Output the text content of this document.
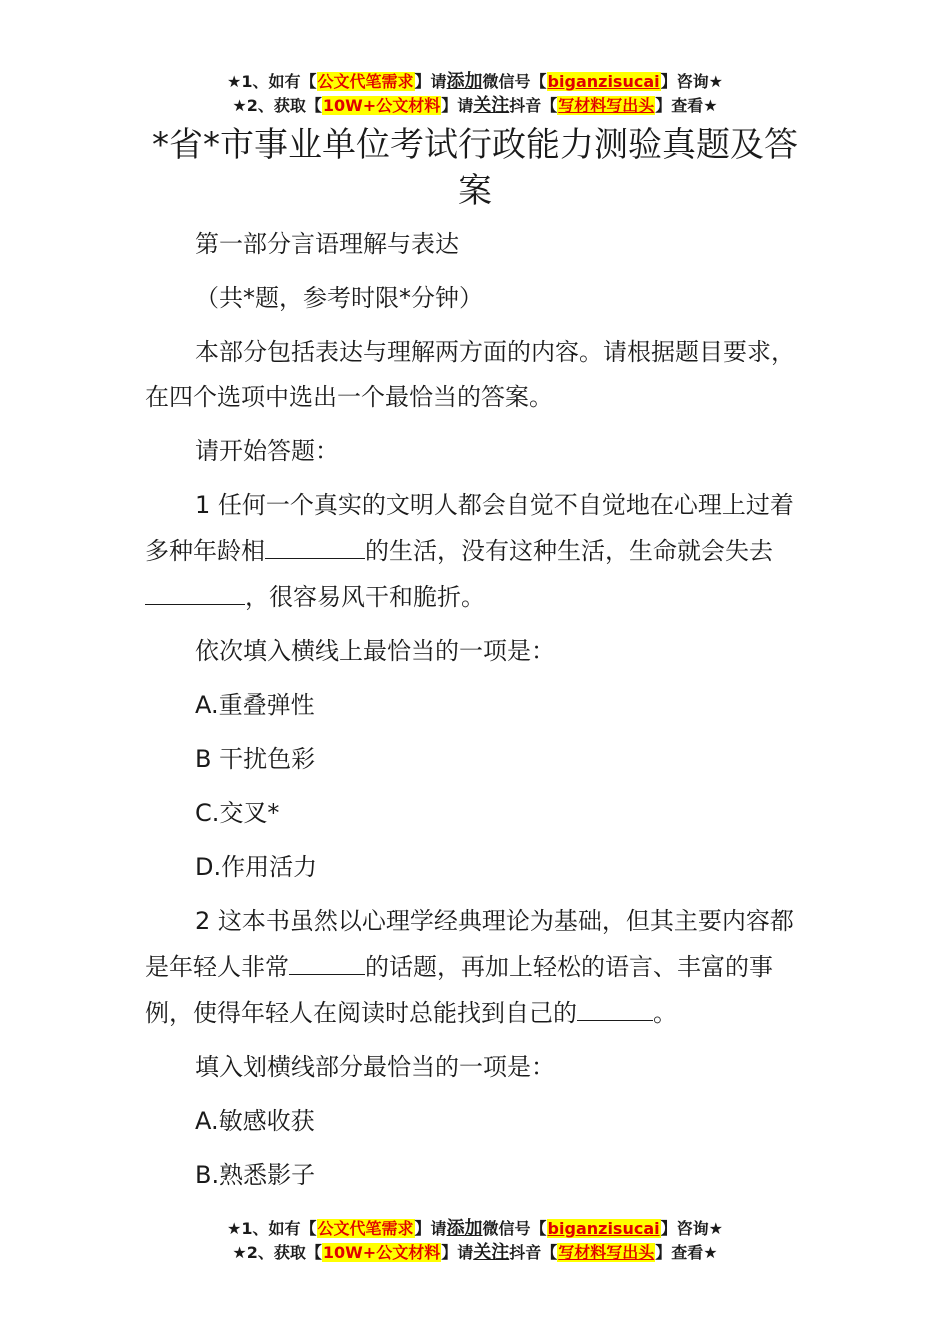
★1、如有【公文代笔需求】请添加微信号【biganzisucai】咨询★
★2、获取【10W+公文材料】请关注抖音【写材料写出头】查看★
*省*市事业单位考试行政能力测验真题及答案

第一部分言语理解与表达

（共*题，参考时限*分钟）

本部分包括表达与理解两方面的内容。请根据题目要求，在四个选项中选出一个最恰当的答案。

请开始答题：

1 任何一个真实的文明人都会自觉不自觉地在心理上过着多种年龄相	的生活，没有这种生活，生命就会失去，很容易风干和脆折。

依次填入横线上最恰当的一项是：

A.重叠弹性

B 干扰色彩

C.交叉*

D.作用活力

2 这本书虽然以心理学经典理论为基础，但其主要内容都是年轻人非常	的话题，再加上轻松的语言、丰富的事例，使得年轻人在阅读时总能找到自己的	。

填入划横线部分最恰当的一项是：

A.敏感收获

B.熟悉影子

★1、如有【公文代笔需求】请添加微信号【biganzisucai】咨询★
★2、获取【10W+公文材料】请关注抖音【写材料写出头】查看★
